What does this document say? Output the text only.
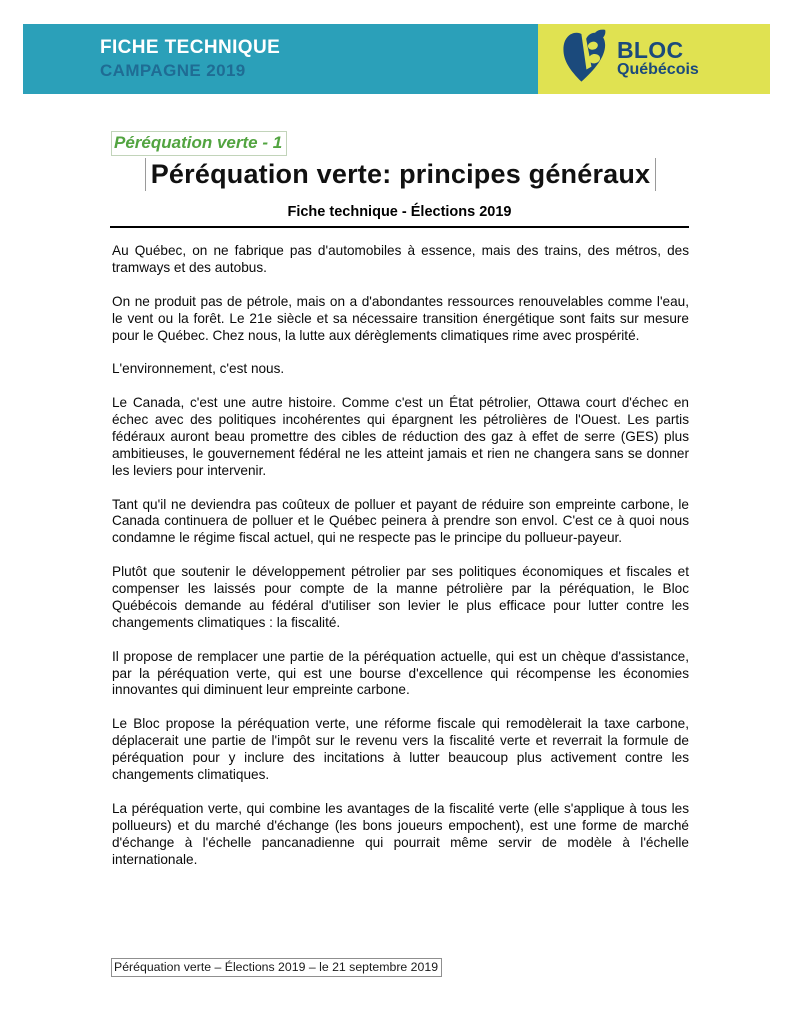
FICHE TECHNIQUE
CAMPAGNE 2019
BLOC
Québécois
Péréquation verte - 1
Péréquation verte: principes généraux
Fiche technique - Élections 2019

Au Québec, on ne fabrique pas d'automobiles à essence, mais des trains, des métros, des tramways et des autobus.

On ne produit pas de pétrole, mais on a d'abondantes ressources renouvelables comme l'eau, le vent ou la forêt. Le 21e siècle et sa nécessaire transition énergétique sont faits sur mesure pour le Québec. Chez nous, la lutte aux dérèglements climatiques rime avec prospérité.

L'environnement, c'est nous.

Le Canada, c'est une autre histoire. Comme c'est un État pétrolier, Ottawa court d'échec en échec avec des politiques incohérentes qui épargnent les pétrolières de l'Ouest. Les partis fédéraux auront beau promettre des cibles de réduction des gaz à effet de serre (GES) plus ambitieuses, le gouvernement fédéral ne les atteint jamais et rien ne changera sans se donner les leviers pour intervenir.

Tant qu'il ne deviendra pas coûteux de polluer et payant de réduire son empreinte carbone, le Canada continuera de polluer et le Québec peinera à prendre son envol. C'est ce à quoi nous condamne le régime fiscal actuel, qui ne respecte pas le principe du pollueur-payeur.

Plutôt que soutenir le développement pétrolier par ses politiques économiques et fiscales et compenser les laissés pour compte de la manne pétrolière par la péréquation, le Bloc Québécois demande au fédéral d'utiliser son levier le plus efficace pour lutter contre les changements climatiques : la fiscalité.

Il propose de remplacer une partie de la péréquation actuelle, qui est un chèque d'assistance, par la péréquation verte, qui est une bourse d'excellence qui récompense les économies innovantes qui diminuent leur empreinte carbone.

Le Bloc propose la péréquation verte, une réforme fiscale qui remodèlerait la taxe carbone, déplacerait une partie de l'impôt sur le revenu vers la fiscalité verte et reverrait la formule de péréquation pour y inclure des incitations à lutter beaucoup plus activement contre les changements climatiques.

La péréquation verte, qui combine les avantages de la fiscalité verte (elle s'applique à tous les pollueurs) et du marché d'échange (les bons joueurs empochent), est une forme de marché d'échange à l'échelle pancanadienne qui pourrait même servir de modèle à l'échelle internationale.

Péréquation verte – Élections 2019 – le 21 septembre 2019
